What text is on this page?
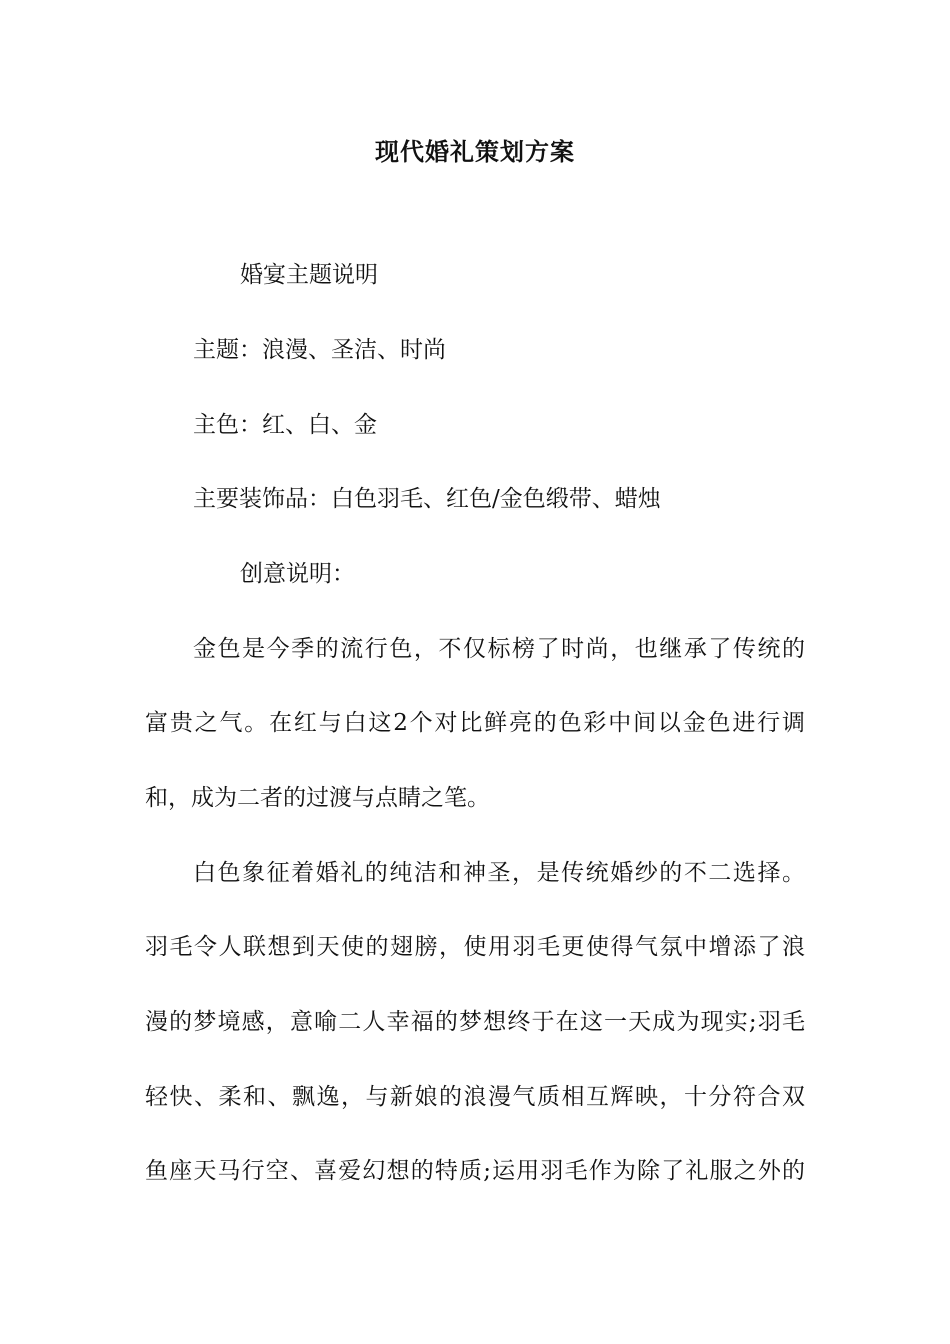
现代婚礼策划方案
婚宴主题说明
主题：浪漫、圣洁、时尚
主色：红、白、金
主要装饰品：白色羽毛、红色/金色缎带、蜡烛
创意说明：
金色是今季的流行色，不仅标榜了时尚，也继承了传统的
富贵之气。在红与白这2个对比鲜亮的色彩中间以金色进行调
和，成为二者的过渡与点睛之笔。
白色象征着婚礼的纯洁和神圣，是传统婚纱的不二选择。
羽毛令人联想到天使的翅膀，使用羽毛更使得气氛中增添了浪
漫的梦境感，意喻二人幸福的梦想终于在这一天成为现实;羽毛
轻快、柔和、飘逸，与新娘的浪漫气质相互辉映，十分符合双
鱼座天马行空、喜爱幻想的特质;运用羽毛作为除了礼服之外的
